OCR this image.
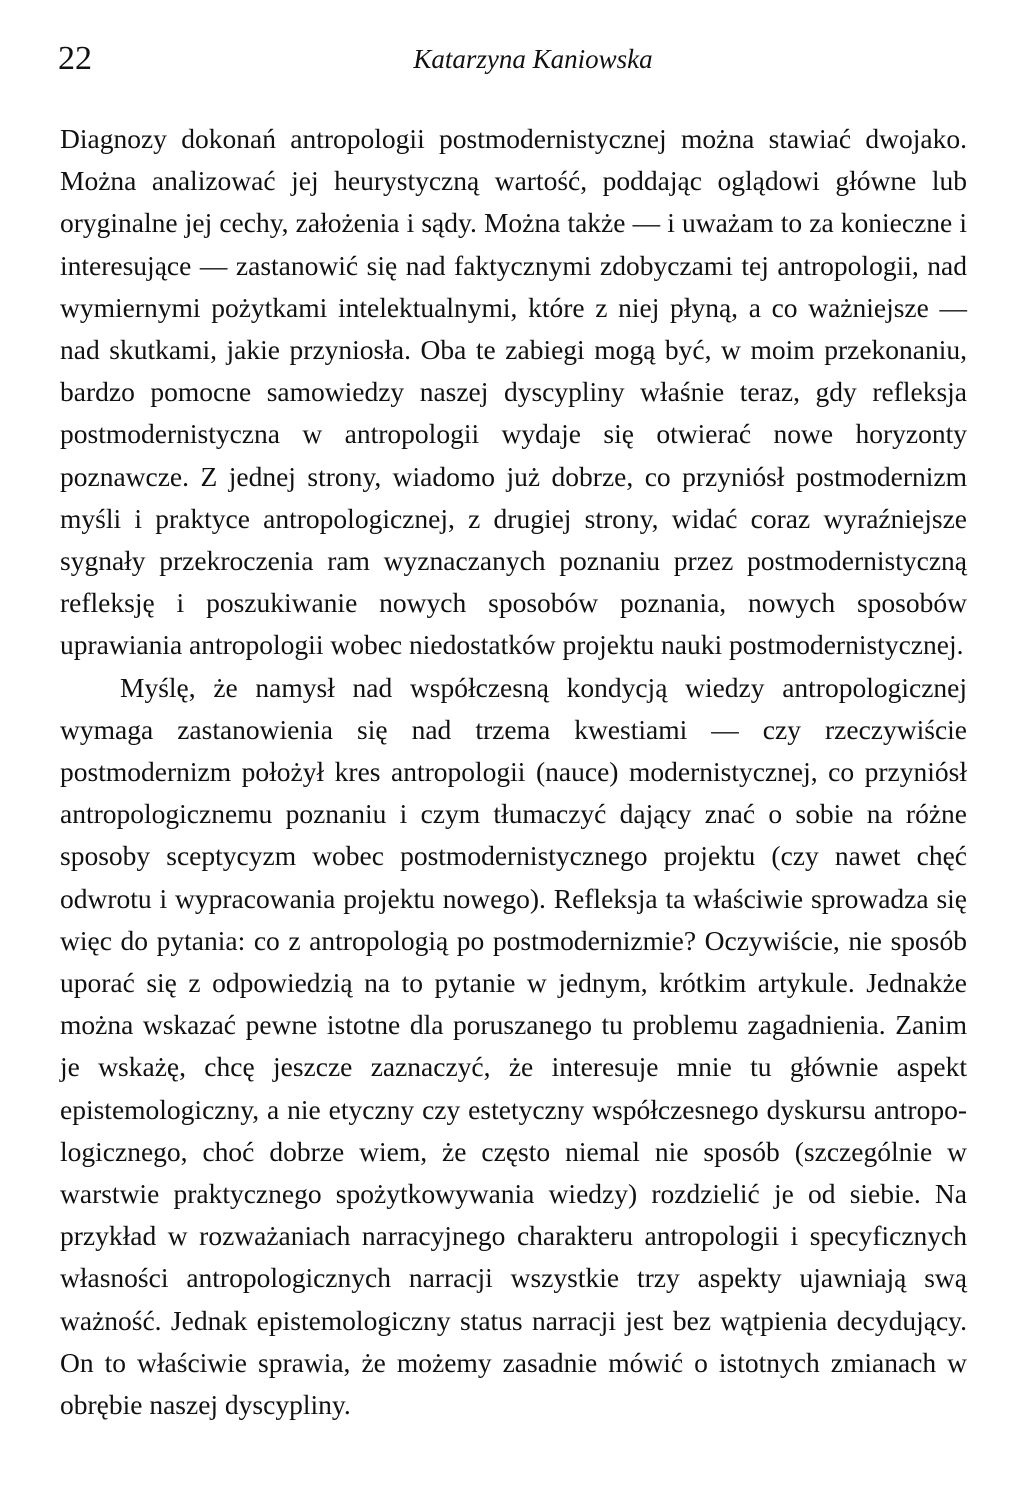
22	Katarzyna Kaniowska

Diagnozy dokonań antropologii postmodernistycznej można stawiać dwojako. Można analizować jej heurystyczną wartość, poddając oglądowi główne lub oryginalne jej cechy, założenia i sądy. Można także — i uważam to za konieczne i interesujące — zastanowić się nad faktycznymi zdobyczami tej antropologii, nad wymiernymi pożytkami intelektualnymi, które z niej płyną, a co ważniejsze — nad skutkami, jakie przyniosła. Oba te zabiegi mogą być, w moim przekonaniu, bardzo pomocne samowiedzy naszej dyscypliny właśnie teraz, gdy refleksja postmodernistyczna w antropologii wydaje się otwierać nowe horyzonty poznawcze. Z jednej strony, wiadomo już dobrze, co przyniósł postmodernizm myśli i praktyce antropologicznej, z drugiej strony, widać coraz wyraźniejsze sygnały przekroczenia ram wyznaczanych poznaniu przez postmodernistyczną refleksję i poszukiwanie nowych sposobów poznania, nowych sposobów uprawiania antropologii wobec niedostatków projektu nauki postmodernistycznej.

Myślę, że namysł nad współczesną kondycją wiedzy antropologicznej wymaga zastanowienia się nad trzema kwestiami — czy rzeczywiście postmodernizm położył kres antropologii (nauce) modernistycznej, co przyniósł antropologicznemu poznaniu i czym tłumaczyć dający znać o sobie na różne sposoby sceptycyzm wobec postmodernistycznego projektu (czy nawet chęć odwrotu i wypracowania projektu nowego). Refleksja ta właściwie sprowadza się więc do pytania: co z antropologią po postmodernizmie? Oczywiście, nie sposób uporać się z odpowiedzią na to pytanie w jednym, krótkim artykule. Jednakże można wskazać pewne istotne dla poruszanego tu problemu zagadnienia. Zanim je wskażę, chcę jeszcze zaznaczyć, że interesuje mnie tu głównie aspekt epistemologiczny, a nie etyczny czy estetyczny współczesnego dyskursu antropologicznego, choć dobrze wiem, że często niemal nie sposób (szczególnie w warstwie praktycznego spożytkowywania wiedzy) rozdzielić je od siebie. Na przykład w rozważaniach narracyjnego charakteru antropologii i specyficznych własności antropologicznych narracji wszystkie trzy aspekty ujawniają swą ważność. Jednak epistemologiczny status narracji jest bez wątpienia decydujący. On to właściwie sprawia, że możemy zasadnie mówić o istotnych zmianach w obrębie naszej dyscypliny.
